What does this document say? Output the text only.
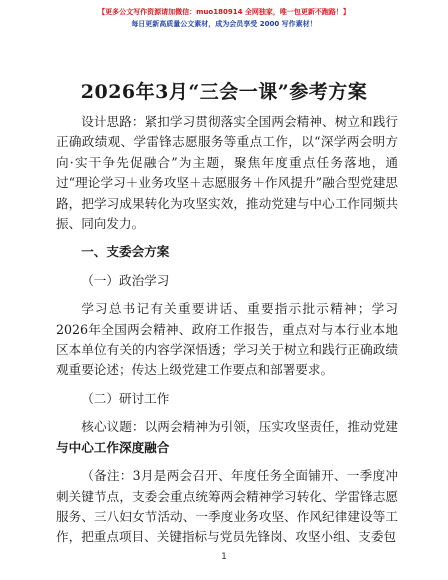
【更多公文写作资源请加微信：muo180914 全网独家，唯一包更新不跑路！】
每日更新高质量公文素材，成为会员享受 2000 写作素材！
2026年3月“三会一课”参考方案

设计思路：紧扣学习贯彻落实全国两会精神、树立和践行正确政绩观、学雷锋志愿服务等重点工作，以“深学两会明方向·实干争先促融合”为主题，聚焦年度重点任务落地，通过“理论学习＋业务攻坚＋志愿服务＋作风提升”融合型党建思路，把学习成果转化为攻坚实效，推动党建与中心工作同频共振、同向发力。

一、支委会方案

（一）政治学习

学习总书记有关重要讲话、重要指示批示精神；学习2026年全国两会精神、政府工作报告，重点对与本行业本地区本单位有关的内容学深悟透；学习关于树立和践行正确政绩观重要论述；传达上级党建工作要点和部署要求。

（二）研讨工作

核心议题：以两会精神为引领，压实攻坚责任，推动党建与中心工作深度融合

（备注：3月是两会召开、年度任务全面铺开、一季度冲刺关键节点，支委会重点统筹两会精神学习转化、学雷锋志愿服务、三八妇女节活动、一季度业务攻坚、作风纪律建设等工作，把重点项目、关键指标与党员先锋岗、攻坚小组、支委包

1
